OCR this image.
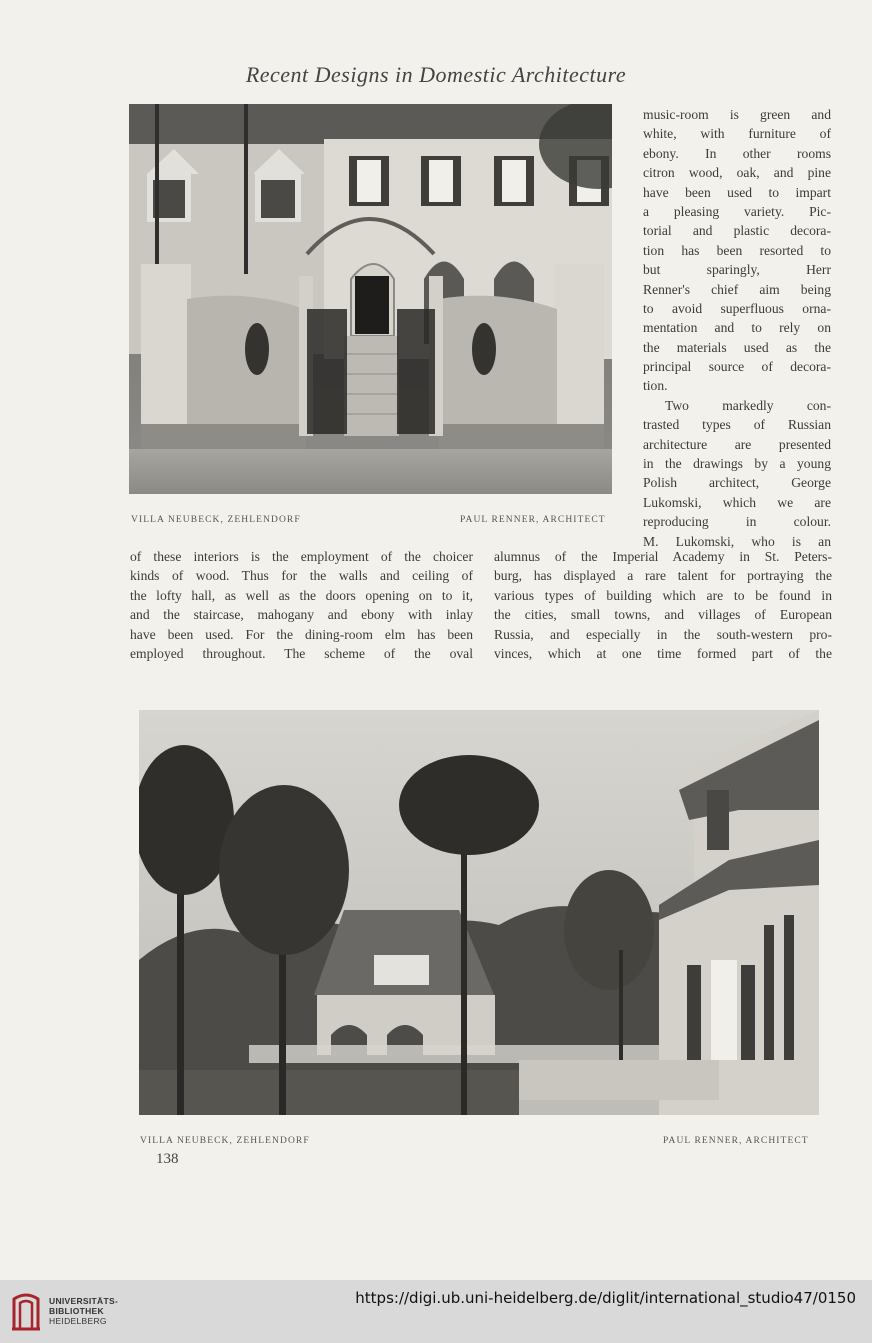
Recent Designs in Domestic Architecture
VILLA NEUBECK, ZEHLENDORF	PAUL RENNER, ARCHITECT
music-room is green and
white, with furniture of
ebony. In other rooms
citron wood, oak, and pine
have been used to impart
a pleasing variety. Pic-
torial and plastic decora-
tion has been resorted to
but sparingly, Herr
Renner's chief aim being
to avoid superfluous orna-
mentation and to rely on
the materials used as the
principal source of decora-
tion.
Two markedly con-
trasted types of Russian
architecture are presented
in the drawings by a young
Polish architect, George
Lukomski, which we are
reproducing in colour.
M. Lukomski, who is an
of these interiors is the employment of the choicer
kinds of wood. Thus for the walls and ceiling of
the lofty hall, as well as the doors opening on to it,
and the staircase, mahogany and ebony with inlay
have been used. For the dining-room elm has been
employed throughout. The scheme of the oval
alumnus of the Imperial Academy in St. Peters-
burg, has displayed a rare talent for portraying the
various types of building which are to be found in
the cities, small towns, and villages of European
Russia, and especially in the south-western pro-
vinces, which at one time formed part of the
VILLA NEUBECK, ZEHLENDORF	PAUL RENNER, ARCHITECT
138
UNIVERSITÄTS-
BIBLIOTHEK
HEIDELBERG
https://digi.ub.uni-heidelberg.de/diglit/international_studio47/0150
